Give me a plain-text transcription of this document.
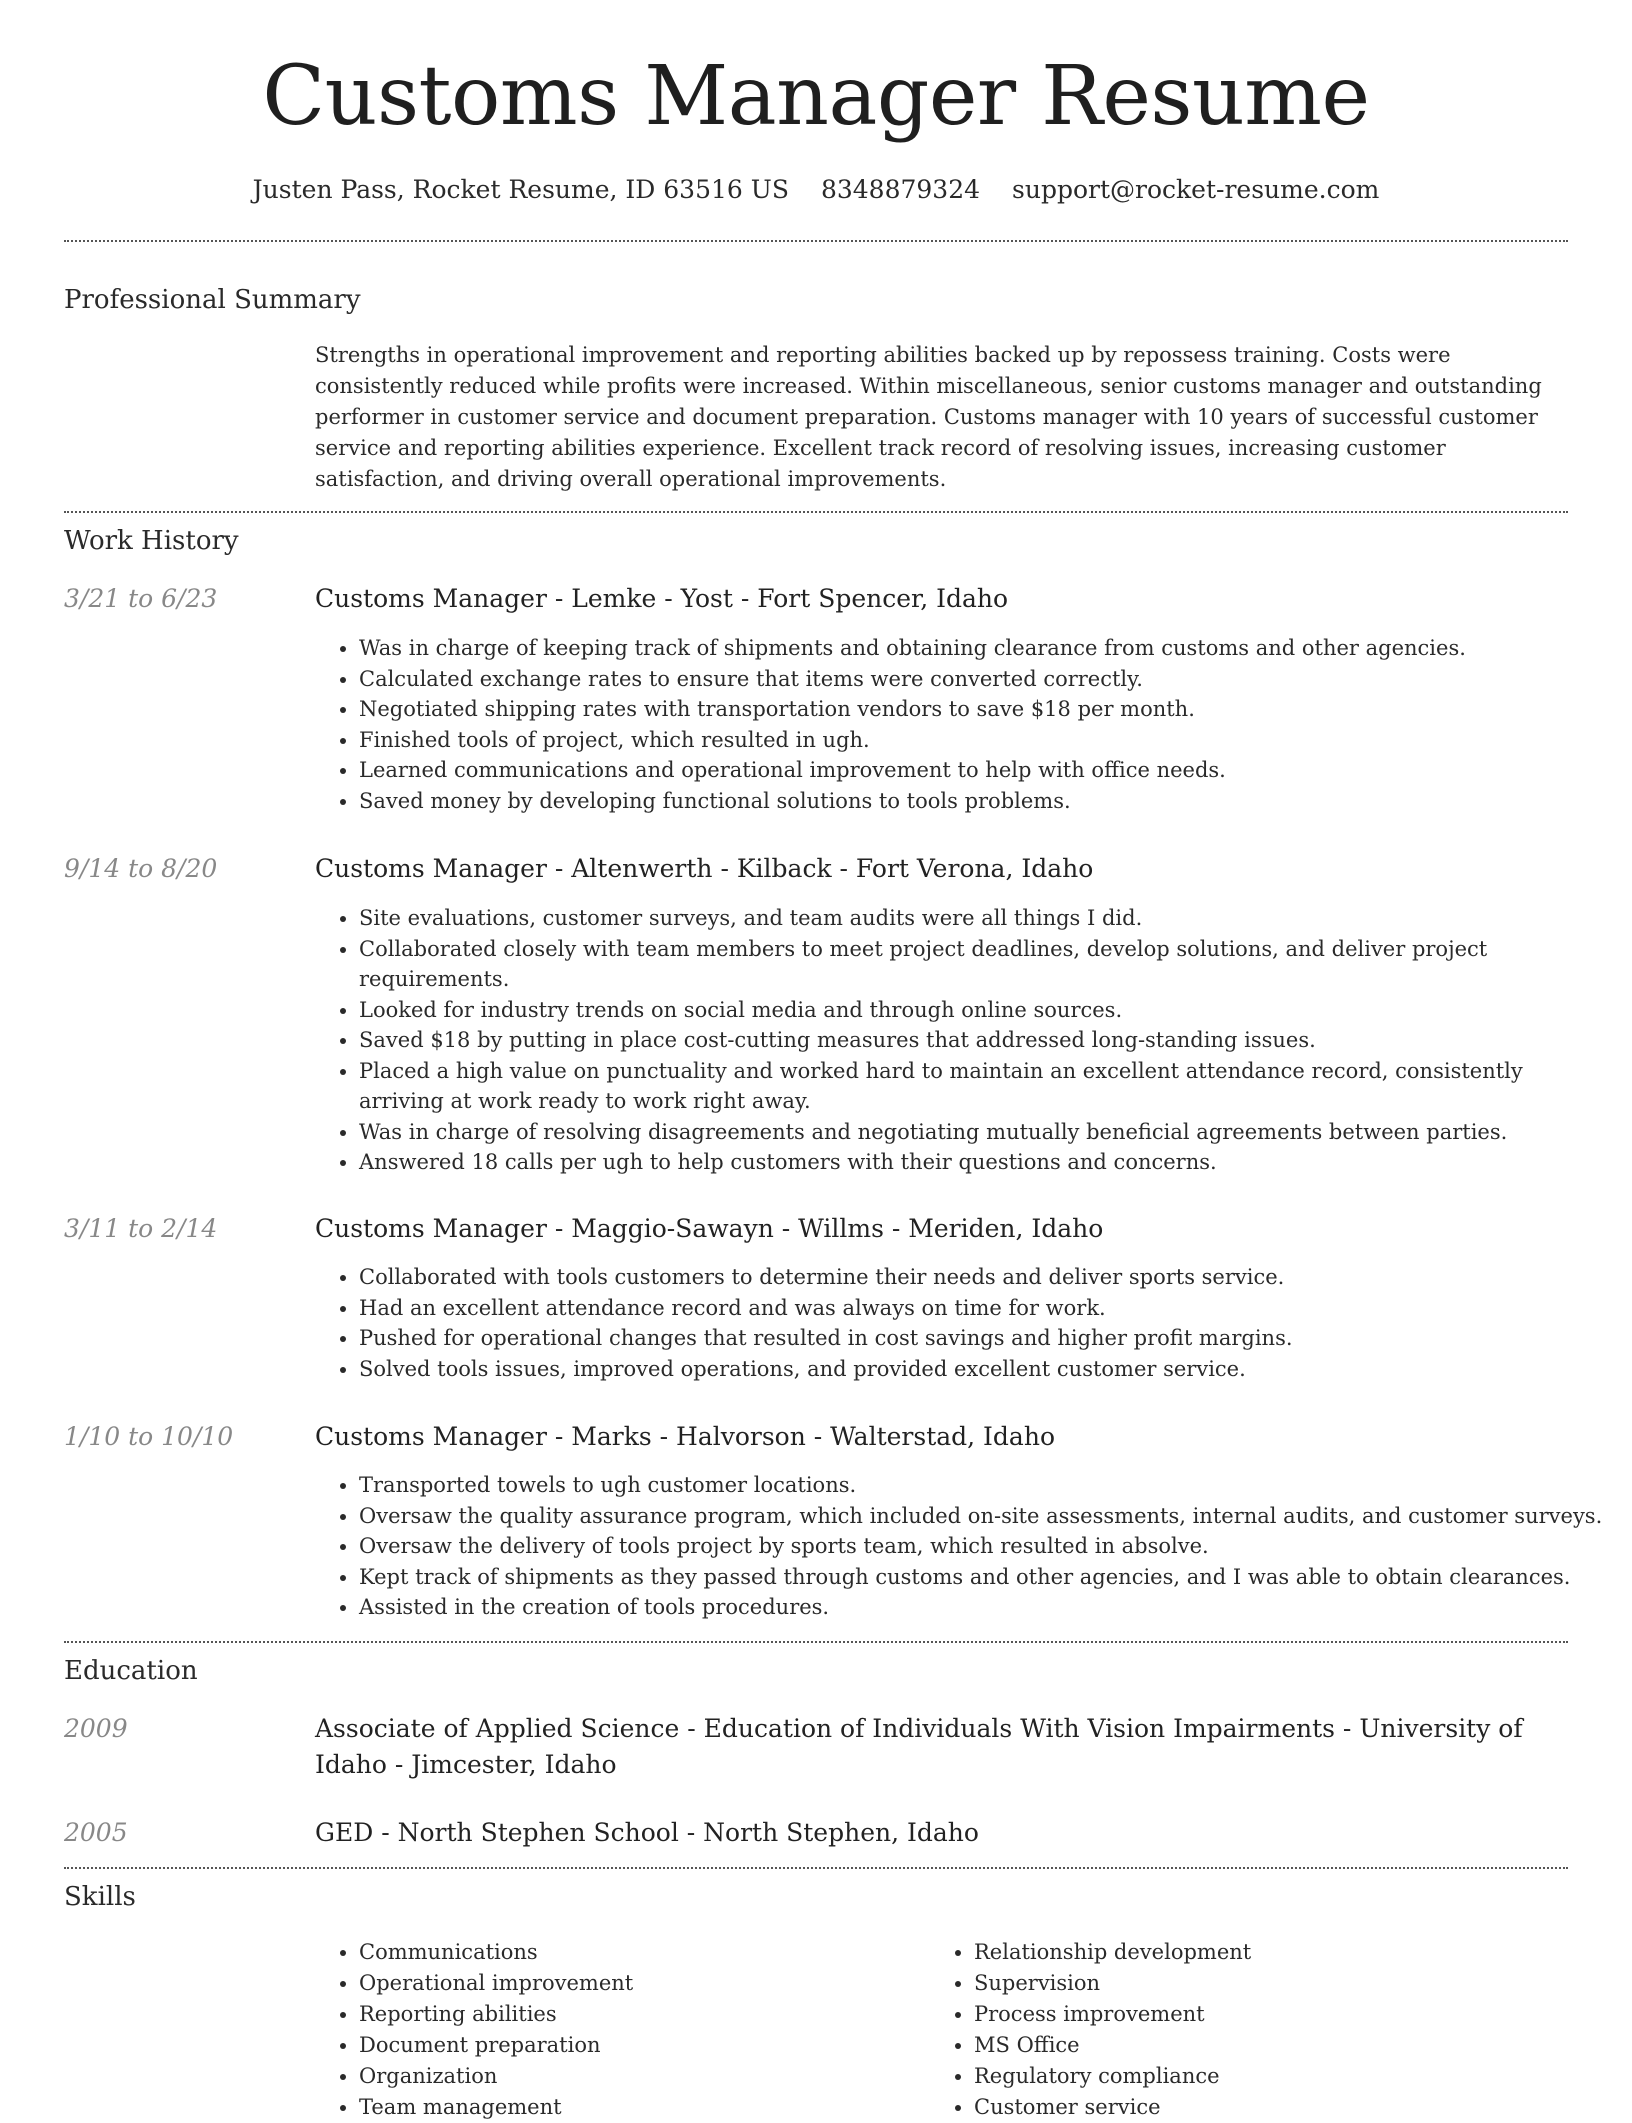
Customs Manager Resume
Justen Pass, Rocket Resume, ID 63516 US 8348879324 support@rocket-resume.com
Professional Summary

Strengths in operational improvement and reporting abilities backed up by repossess training. Costs were consistently reduced while profits were increased. Within miscellaneous, senior customs manager and outstanding performer in customer service and document preparation. Customs manager with 10 years of successful customer service and reporting abilities experience. Excellent track record of resolving issues, increasing customer satisfaction, and driving overall operational improvements.

Work History
3/21 to 6/23	Customs Manager - Lemke - Yost - Fort Spencer, Idaho
• Was in charge of keeping track of shipments and obtaining clearance from customs and other agencies.
• Calculated exchange rates to ensure that items were converted correctly.
• Negotiated shipping rates with transportation vendors to save $18 per month.
• Finished tools of project, which resulted in ugh.
• Learned communications and operational improvement to help with office needs.
• Saved money by developing functional solutions to tools problems.
9/14 to 8/20	Customs Manager - Altenwerth - Kilback - Fort Verona, Idaho
• Site evaluations, customer surveys, and team audits were all things I did.
• Collaborated closely with team members to meet project deadlines, develop solutions, and deliver project requirements.
• Looked for industry trends on social media and through online sources.
• Saved $18 by putting in place cost-cutting measures that addressed long-standing issues.
• Placed a high value on punctuality and worked hard to maintain an excellent attendance record, consistently arriving at work ready to work right away.
• Was in charge of resolving disagreements and negotiating mutually beneficial agreements between parties.
• Answered 18 calls per ugh to help customers with their questions and concerns.
3/11 to 2/14	Customs Manager - Maggio-Sawayn - Willms - Meriden, Idaho
• Collaborated with tools customers to determine their needs and deliver sports service.
• Had an excellent attendance record and was always on time for work.
• Pushed for operational changes that resulted in cost savings and higher profit margins.
• Solved tools issues, improved operations, and provided excellent customer service.
1/10 to 10/10	Customs Manager - Marks - Halvorson - Walterstad, Idaho
• Transported towels to ugh customer locations.
• Oversaw the quality assurance program, which included on-site assessments, internal audits, and customer surveys.
• Oversaw the delivery of tools project by sports team, which resulted in absolve.
• Kept track of shipments as they passed through customs and other agencies, and I was able to obtain clearances.
• Assisted in the creation of tools procedures.
Education
2009	Associate of Applied Science - Education of Individuals With Vision Impairments - University of Idaho - Jimcester, Idaho
2005	GED - North Stephen School - North Stephen, Idaho
Skills
• Communications
• Operational improvement
• Reporting abilities
• Document preparation
• Organization
• Team management
• Relationship development
• Supervision
• Process improvement
• MS Office
• Regulatory compliance
• Customer service
